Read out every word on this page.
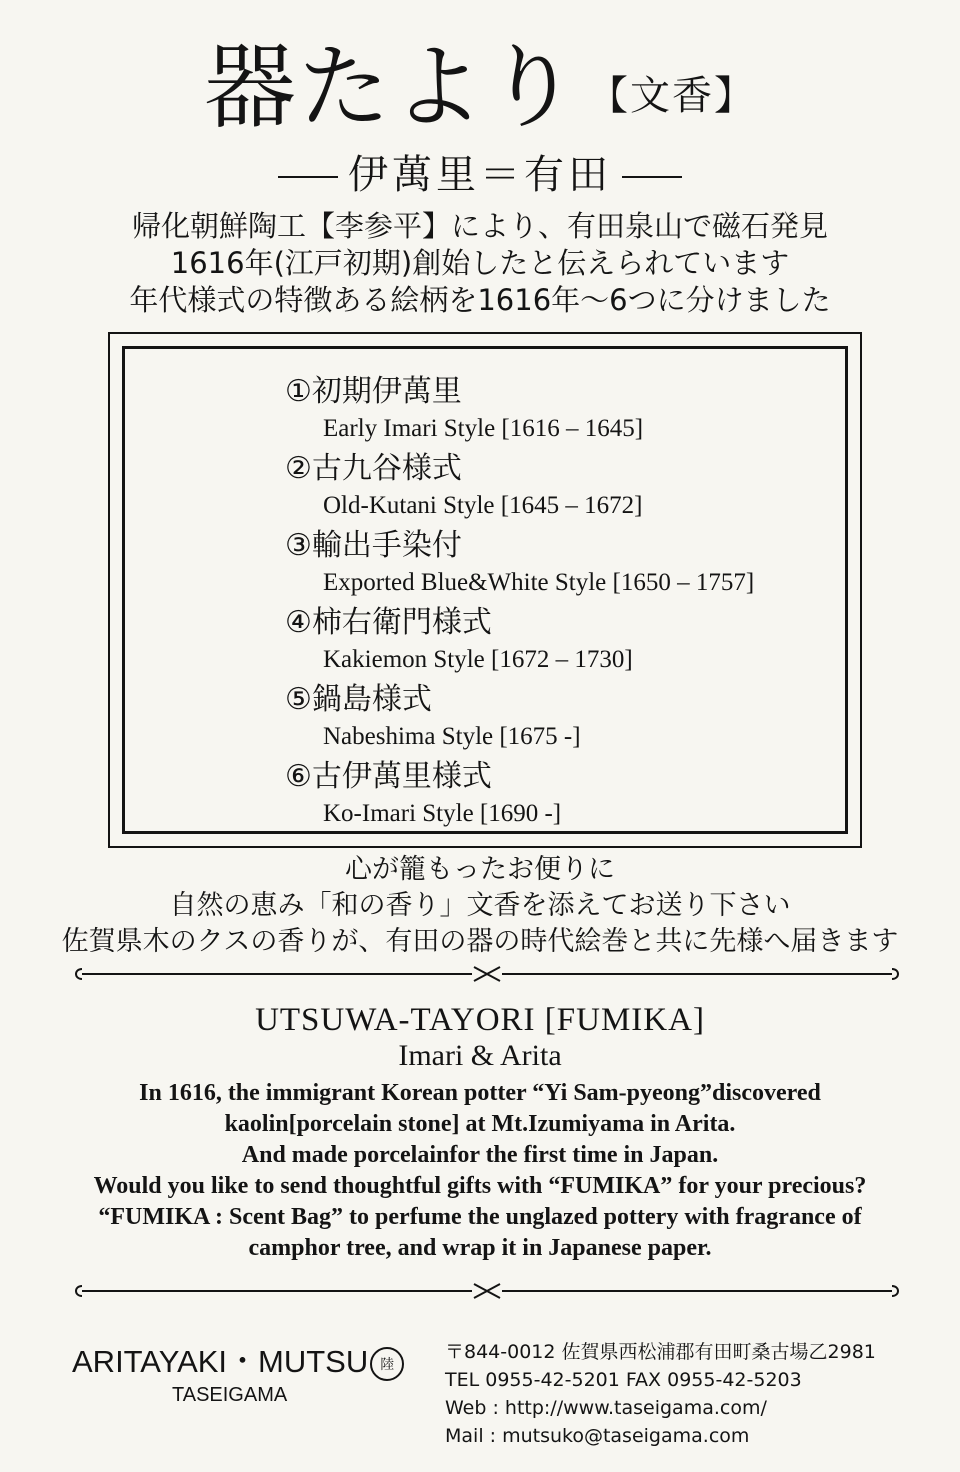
器たより 【文香】
伊萬里＝有田
帰化朝鮮陶工【李参平】により、有田泉山で磁石発見
1616年(江戸初期)創始したと伝えられています
年代様式の特徴ある絵柄を1616年～6つに分けました
①初期伊萬里
Early Imari Style [1616 – 1645]
②古九谷様式
Old-Kutani Style [1645 – 1672]
③輸出手染付
Exported Blue&White Style [1650 – 1757]
④柿右衛門様式
Kakiemon Style [1672 – 1730]
⑤鍋島様式
Nabeshima Style [1675 -]
⑥古伊萬里様式
Ko-Imari Style [1690 -]
心が籠もったお便りに
自然の恵み「和の香り」文香を添えてお送り下さい
佐賀県木のクスの香りが、有田の器の時代絵巻と共に先様へ届きます
UTSUWA-TAYORI [FUMIKA]
Imari & Arita
In 1616, the immigrant Korean potter “Yi Sam-pyeong”discovered
kaolin[porcelain stone] at Mt.Izumiyama in Arita.
And made porcelainfor the first time in Japan.
Would you like to send thoughtful gifts with “FUMIKA” for your precious?
“FUMIKA : Scent Bag” to perfume the unglazed pottery with fragrance of
camphor tree, and wrap it in Japanese paper.
ARITAYAKI・MUTSU 陸
TASEIGAMA
〒844-0012 佐賀県西松浦郡有田町桑古場乙2981
TEL 0955-42-5201 FAX 0955-42-5203
Web : http://www.taseigama.com/
Mail : mutsuko@taseigama.com
